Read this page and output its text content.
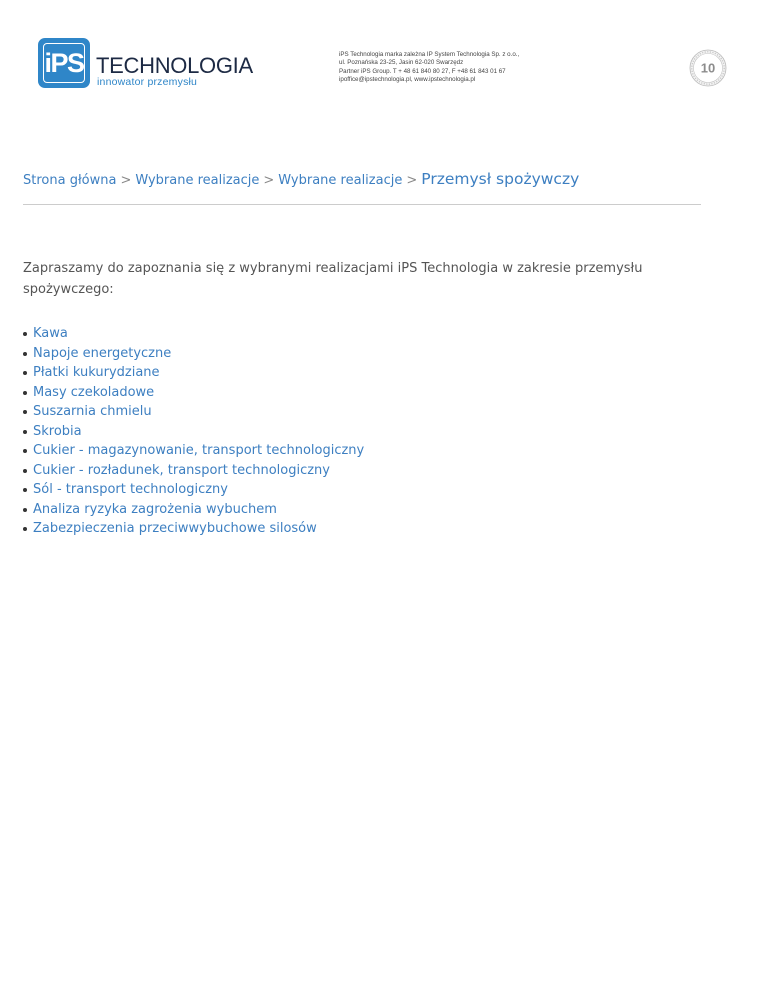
iPS TECHNOLOGIA
innowator przemysłu
iPS Technologia marka zależna IP System Technologia Sp. z o.o.,
ul. Poznańska 23-25, Jasin 62-020 Swarzędz
Partner iPS Group. T + 48 61 840 80 27, F +48 61 843 01 67
ipoffice@ipstechnologia.pl, www.ipstechnologia.pl
10
Strona główna > Wybrane realizacje > Wybrane realizacje > Przemysł spożywczy

Zapraszamy do zapoznania się z wybranymi realizacjami iPS Technologia w zakresie przemysłu spożywczego:

Kawa
Napoje energetyczne
Płatki kukurydziane
Masy czekoladowe
Suszarnia chmielu
Skrobia
Cukier - magazynowanie, transport technologiczny
Cukier - rozładunek, transport technologiczny
Sól - transport technologiczny
Analiza ryzyka zagrożenia wybuchem
Zabezpieczenia przeciwwybuchowe silosów
